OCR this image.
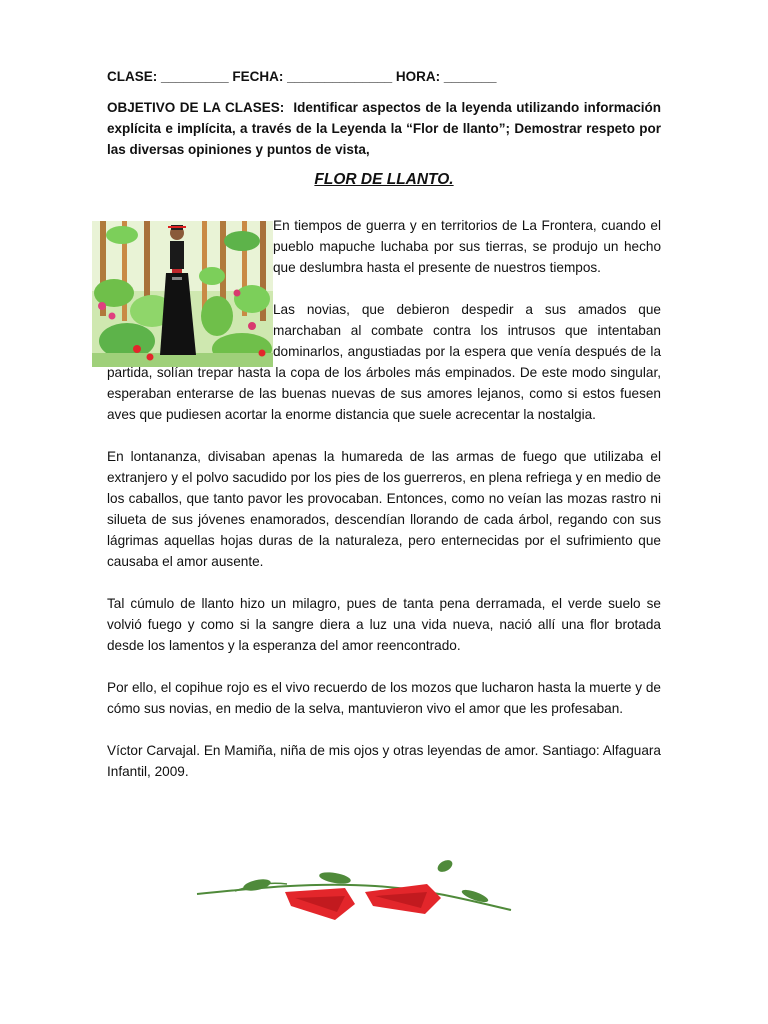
CLASE: _________ FECHA: ______________ HORA: _______
OBJETIVO DE LA CLASES: Identificar aspectos de la leyenda utilizando información explícita e implícita, a través de la Leyenda la “Flor de llanto”; Demostrar respeto por las diversas opiniones y puntos de vista,
FLOR DE LLANTO.

En tiempos de guerra y en territorios de La Frontera, cuando el pueblo mapuche luchaba por sus tierras, se produjo un hecho que deslumbra hasta el presente de nuestros tiempos.

Las novias, que debieron despedir a sus amados que marchaban al combate contra los intrusos que intentaban dominarlos, angustiadas por la espera que venía después de la partida, solían trepar hasta la copa de los árboles más empinados. De este modo singular, esperaban enterarse de las buenas nuevas de sus amores lejanos, como si estos fuesen aves que pudiesen acortar la enorme distancia que suele acrecentar la nostalgia.

En lontananza, divisaban apenas la humareda de las armas de fuego que utilizaba el extranjero y el polvo sacudido por los pies de los guerreros, en plena refriega y en medio de los caballos, que tanto pavor les provocaban. Entonces, como no veían las mozas rastro ni silueta de sus jóvenes enamorados, descendían llorando de cada árbol, regando con sus lágrimas aquellas hojas duras de la naturaleza, pero enternecidas por el sufrimiento que causaba el amor ausente.

Tal cúmulo de llanto hizo un milagro, pues de tanta pena derramada, el verde suelo se volvió fuego y como si la sangre diera a luz una vida nueva, nació allí una flor brotada desde los lamentos y la esperanza del amor reencontrado.

Por ello, el copihue rojo es el vivo recuerdo de los mozos que lucharon hasta la muerte y de cómo sus novias, en medio de la selva, mantuvieron vivo el amor que les profesaban.

Víctor Carvajal. En Mamiña, niña de mis ojos y otras leyendas de amor. Santiago: Alfaguara Infantil, 2009.
